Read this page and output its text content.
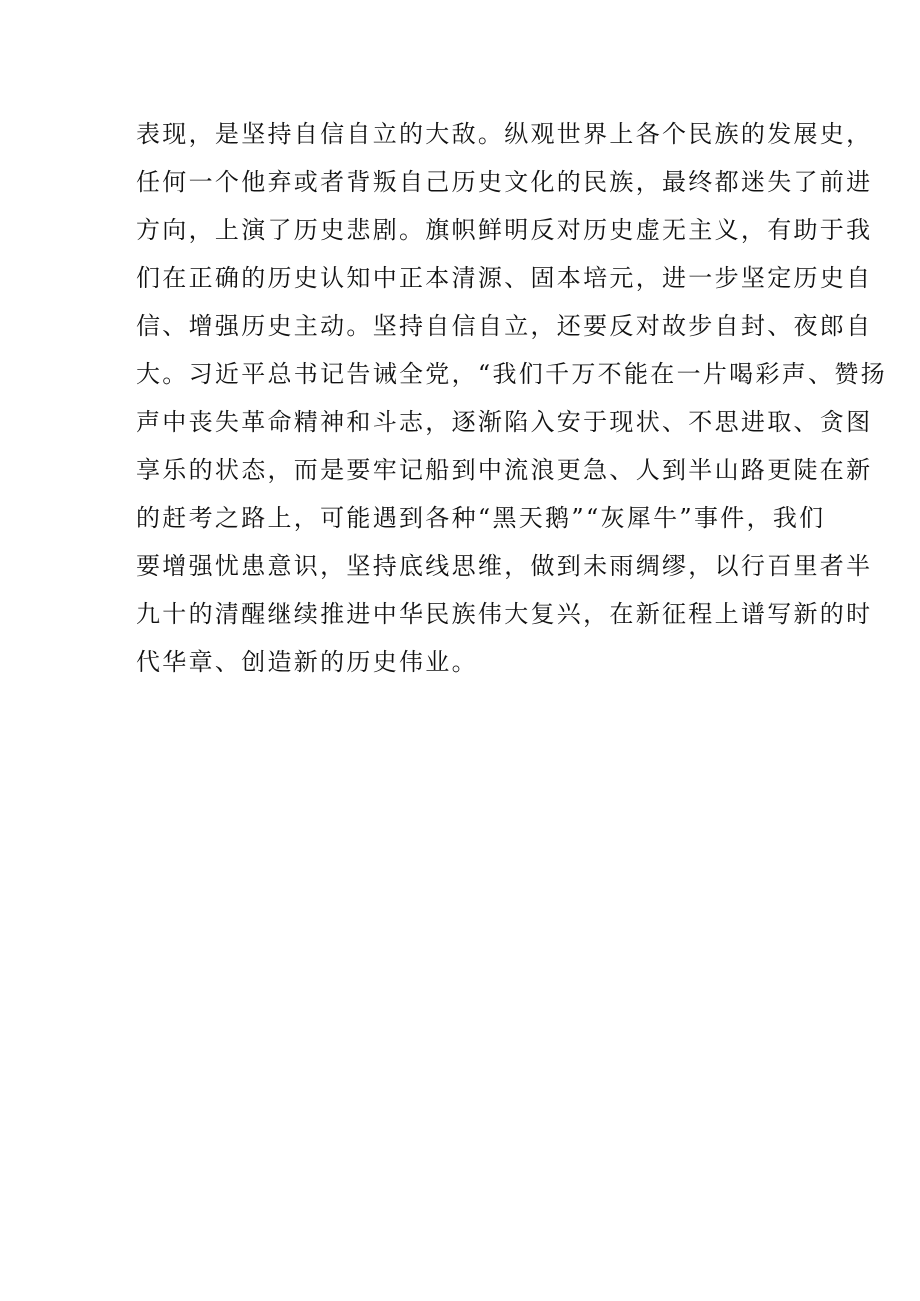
表现，是坚持自信自立的大敌。纵观世界上各个民族的发展史，
任何一个他弃或者背叛自己历史文化的民族，最终都迷失了前进
方向，上演了历史悲剧。旗帜鲜明反对历史虚无主义，有助于我
们在正确的历史认知中正本清源、固本培元，进一步坚定历史自
信、增强历史主动。坚持自信自立，还要反对故步自封、夜郎自
大。习近平总书记告诫全党，“我们千万不能在一片喝彩声、赞扬
声中丧失革命精神和斗志，逐渐陷入安于现状、不思进取、贪图
享乐的状态，而是要牢记船到中流浪更急、人到半山路更陡在新
的赶考之路上，可能遇到各种“黑天鹅”“灰犀牛”事件，我们
要增强忧患意识，坚持底线思维，做到未雨绸缪，以行百里者半
九十的清醒继续推进中华民族伟大复兴，在新征程上谱写新的时
代华章、创造新的历史伟业。
